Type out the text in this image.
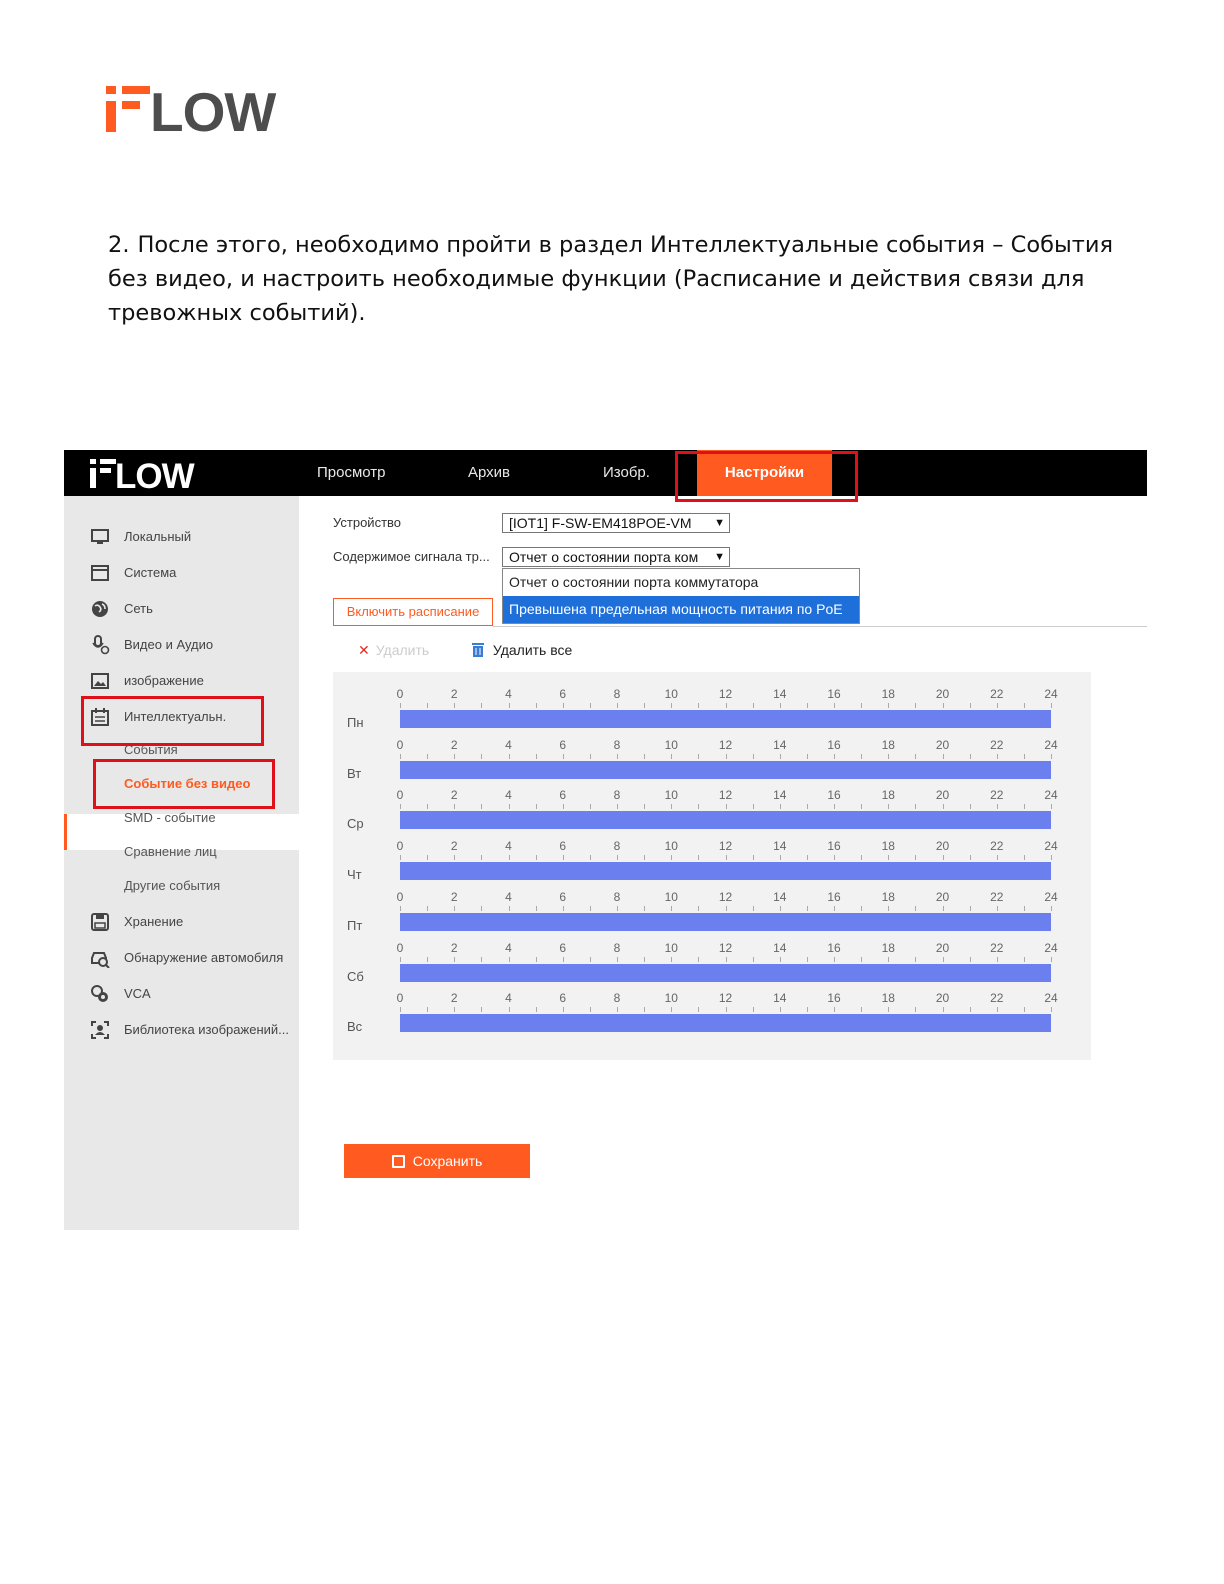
LOW
2. После этого, необходимо пройти в раздел Интеллектуальные события – События без видео, и настроить необходимые функции (Расписание и действия связи для тревожных событий).
LOW	Просмотр	Архив	Изобр.	Настройки
Локальный
Система
Сеть
Видео и Аудио
изображение
Интеллектуальн.
События
Событие без видео
SMD - событие
Сравнение лиц
Другие события
Хранение
Обнаружение автомобиля
VCA
Библиотека изображений...
Устройство	[IOT1] F-SW-EM418POE-VM ▼
Содержимое сигнала тр...	Отчет о состоянии порта ком ▼
Включить расписание
Отчет о состоянии порта коммутатора
Превышена предельная мощность питания по PoE
✕ Удалить	Удалить все
Пн
0	2	4	6	8	10	12	14	16	18	20	22	24
Вт
0	2	4	6	8	10	12	14	16	18	20	22	24
Ср
0	2	4	6	8	10	12	14	16	18	20	22	24
Чт
0	2	4	6	8	10	12	14	16	18	20	22	24
Пт
0	2	4	6	8	10	12	14	16	18	20	22	24
Сб
0	2	4	6	8	10	12	14	16	18	20	22	24
Вс
0	2	4	6	8	10	12	14	16	18	20	22	24
Сохранить
